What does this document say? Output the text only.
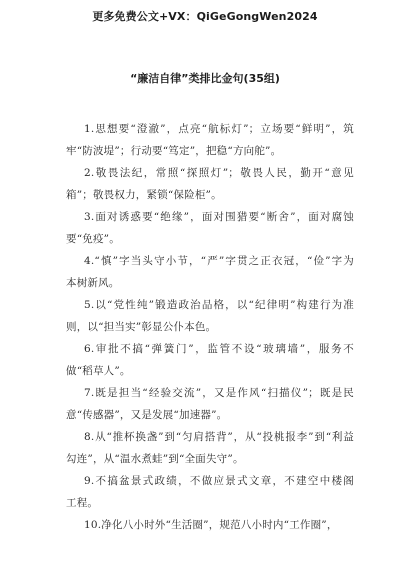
更多免费公文+VX：QiGeGongWen2024
“廉洁自律”类排比金句(35组)
1.思想要“澄澈”，点亮“航标灯”；立场要“鲜明”，筑
牢“防波堤”；行动要“笃定”，把稳“方向舵”。
2.敬畏法纪，常照“探照灯”；敬畏人民，勤开“意见
箱”；敬畏权力，紧锁“保险柜”。
3.面对诱惑要“绝缘”，面对围猎要“断舍”，面对腐蚀
要“免疫”。
4.“慎”字当头守小节，“严”字贯之正衣冠，“俭”字为
本树新风。
5.以“党性纯”锻造政治品格，以“纪律明”构建行为准
则，以“担当实”彰显公仆本色。
6.审批不搞“弹簧门”，监管不设“玻璃墙”，服务不
做“稻草人”。
7.既是担当“经验交流”，又是作风“扫描仪”；既是民
意“传感器”，又是发展“加速器”。
8.从“推杯换盏”到“匀肩搭背”，从“投桃报李”到“利益
勾连”，从“温水煮蛙”到“全面失守”。
9.不搞盆景式政绩，不做应景式文章，不建空中楼阁
工程。
10.净化八小时外“生活圈”，规范八小时内“工作圈”，
